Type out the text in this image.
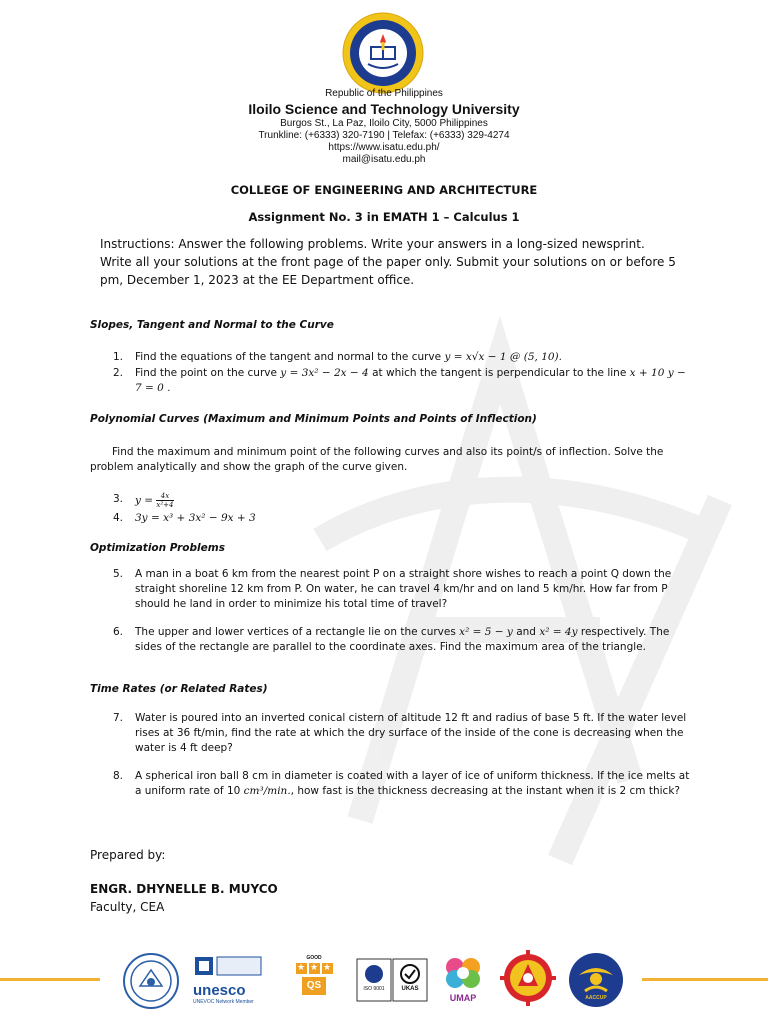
Republic of the Philippines
Iloilo Science and Technology University
Burgos St., La Paz, Iloilo City, 5000 Philippines
Trunkline: (+6333) 320-7190 | Telefax: (+6333) 329-4274
https://www.isatu.edu.ph/
mail@isatu.edu.ph
COLLEGE OF ENGINEERING AND ARCHITECTURE
Assignment No. 3 in EMATH 1 – Calculus 1
Instructions: Answer the following problems. Write your answers in a long-sized newsprint. Write all your solutions at the front page of the paper only. Submit your solutions on or before 5 pm, December 1, 2023 at the EE Department office.
Slopes, Tangent and Normal to the Curve
1.	Find the equations of the tangent and normal to the curve y = x√x − 1 @ (5, 10).
2.	Find the point on the curve y = 3x² − 2x − 4 at which the tangent is perpendicular to the line x + 10 y − 7 = 0 .
Polynomial Curves (Maximum and Minimum Points and Points of Inflection)
Find the maximum and minimum point of the following curves and also its point/s of inflection. Solve the problem analytically and show the graph of the curve given.
3.	$y = \frac{4x}{\text{x²+4}}$
4.	3y = x³ + 3x² − 9x + 3
Optimization Problems
5.	A man in a boat 6 km from the nearest point P on a straight shore wishes to reach a point Q down the straight shoreline 12 km from P. On water, he can travel 4 km/hr and on land 5 km/hr. How far from P should he land in order to minimize his total time of travel?
6.	The upper and lower vertices of a rectangle lie on the curves x² = 5 − y and x² = 4y respectively. The sides of the rectangle are parallel to the coordinate axes. Find the maximum area of the triangle.
Time Rates (or Related Rates)
7.	Water is poured into an inverted conical cistern of altitude 12 ft and radius of base 5 ft. If the water level rises at 36 ft/min, find the rate at which the dry surface of the inside of the cone is decreasing when the water is 4 ft deep?
8.	A spherical iron ball 8 cm in diameter is coated with a layer of ice of uniform thickness. If the ice melts at a uniform rate of 10 cm³/min., how fast is the thickness decreasing at the instant when it is 2 cm thick?
Prepared by:
ENGR. DHYNELLE B. MUYCO
Faculty, CEA
unesco
UNEVOC Network Member
GOOD
★ ★ ★
QS	ISO 9001	UKAS
UMAP	AACCUP
